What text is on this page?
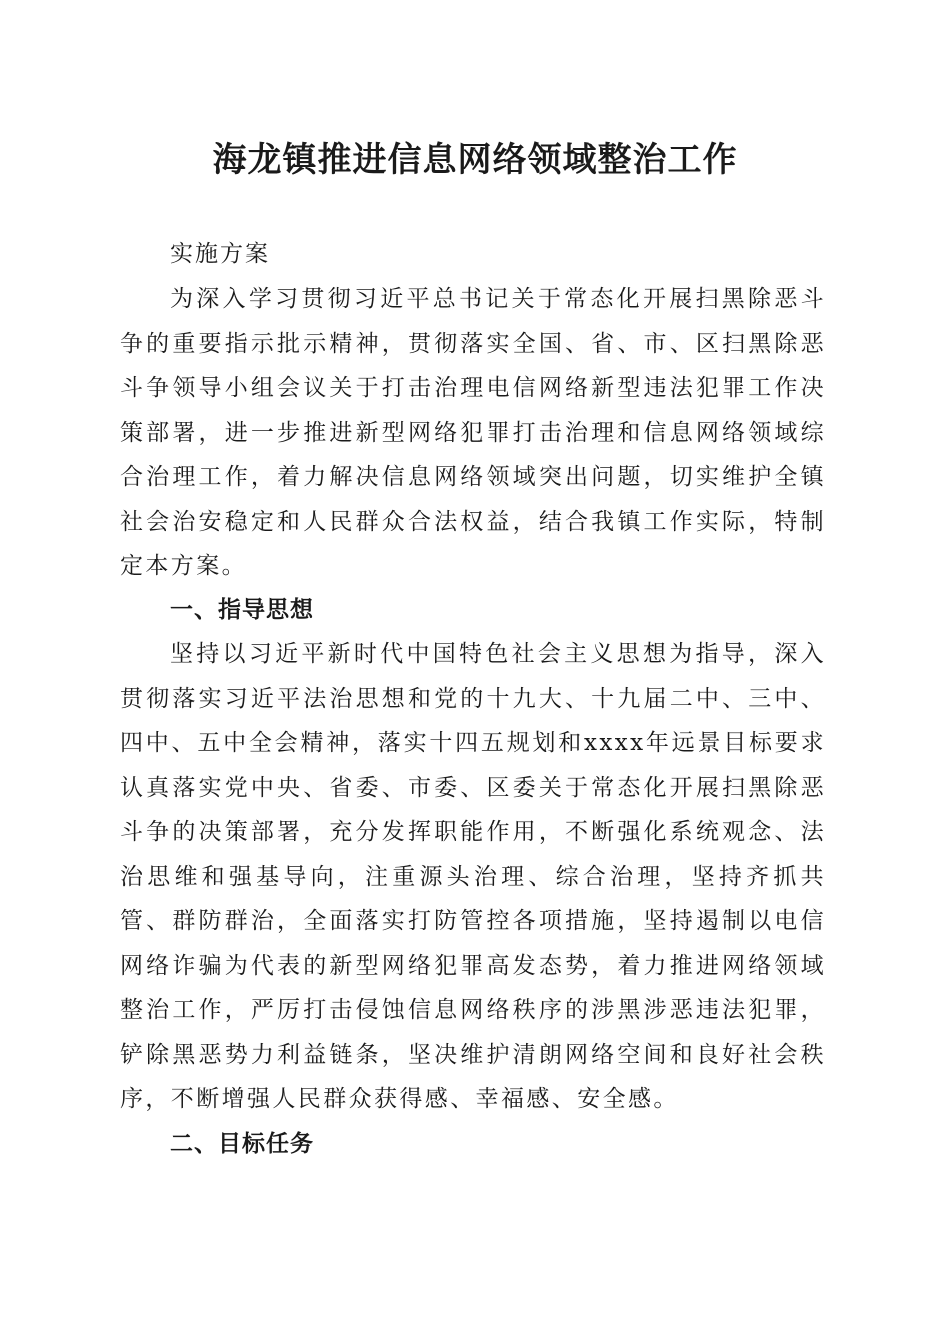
海龙镇推进信息网络领域整治工作
实施方案
为深入学习贯彻习近平总书记关于常态化开展扫黑除恶斗争的重要指示批示精神，贯彻落实全国、省、市、区扫黑除恶斗争领导小组会议关于打击治理电信网络新型违法犯罪工作决策部署，进一步推进新型网络犯罪打击治理和信息网络领域综合治理工作，着力解决信息网络领域突出问题，切实维护全镇社会治安稳定和人民群众合法权益，结合我镇工作实际，特制定本方案。
一、指导思想
坚持以习近平新时代中国特色社会主义思想为指导，深入贯彻落实习近平法治思想和党的十九大、十九届二中、三中、四中、五中全会精神，落实十四五规划和xxxx年远景目标要求认真落实党中央、省委、市委、区委关于常态化开展扫黑除恶斗争的决策部署，充分发挥职能作用，不断强化系统观念、法治思维和强基导向，注重源头治理、综合治理，坚持齐抓共管、群防群治，全面落实打防管控各项措施，坚持遏制以电信网络诈骗为代表的新型网络犯罪高发态势，着力推进网络领域整治工作，严厉打击侵蚀信息网络秩序的涉黑涉恶违法犯罪，铲除黑恶势力利益链条，坚决维护清朗网络空间和良好社会秩序，不断增强人民群众获得感、幸福感、安全感。
二、目标任务
